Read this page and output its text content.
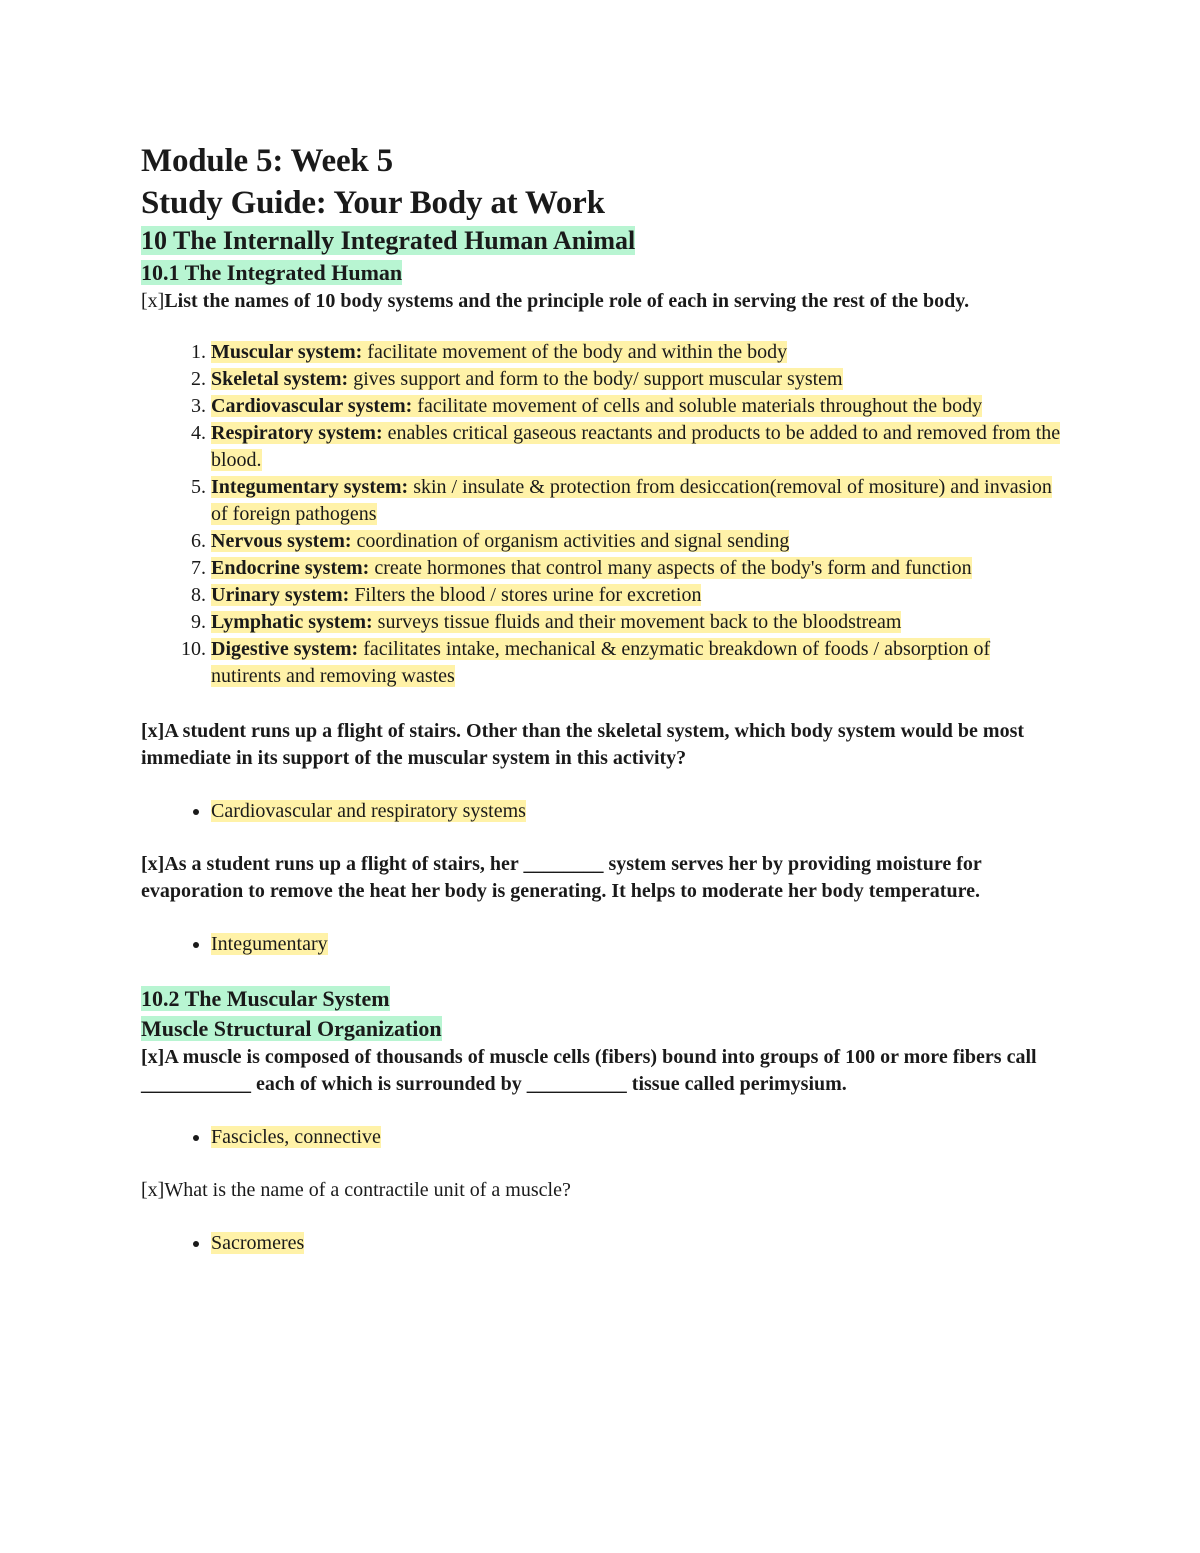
Module 5: Week 5
Study Guide: Your Body at Work
10 The Internally Integrated Human Animal
10.1 The Integrated Human

[x]List the names of 10 body systems and the principle role of each in serving the rest of the body.

1. Muscular system: facilitate movement of the body and within the body
2. Skeletal system: gives support and form to the body/ support muscular system
3. Cardiovascular system: facilitate movement of cells and soluble materials throughout the body
4. Respiratory system: enables critical gaseous reactants and products to be added to and removed from the blood.
5. Integumentary system: skin / insulate & protection from desiccation(removal of mositure) and invasion of foreign pathogens
6. Nervous system: coordination of organism activities and signal sending
7. Endocrine system: create hormones that control many aspects of the body's form and function
8. Urinary system: Filters the blood / stores urine for excretion
9. Lymphatic system: surveys tissue fluids and their movement back to the bloodstream
10. Digestive system: facilitates intake, mechanical & enzymatic breakdown of foods / absorption of nutirents and removing wastes

[x]A student runs up a flight of stairs. Other than the skeletal system, which body system would be most immediate in its support of the muscular system in this activity?

• Cardiovascular and respiratory systems

[x]As a student runs up a flight of stairs, her ________ system serves her by providing moisture for evaporation to remove the heat her body is generating. It helps to moderate her body temperature.

• Integumentary
10.2 The Muscular System
Muscle Structural Organization

[x]A muscle is composed of thousands of muscle cells (fibers) bound into groups of 100 or more fibers call ___________ each of which is surrounded by __________ tissue called perimysium.

• Fascicles, connective

[x]What is the name of a contractile unit of a muscle?

• Sacromeres
